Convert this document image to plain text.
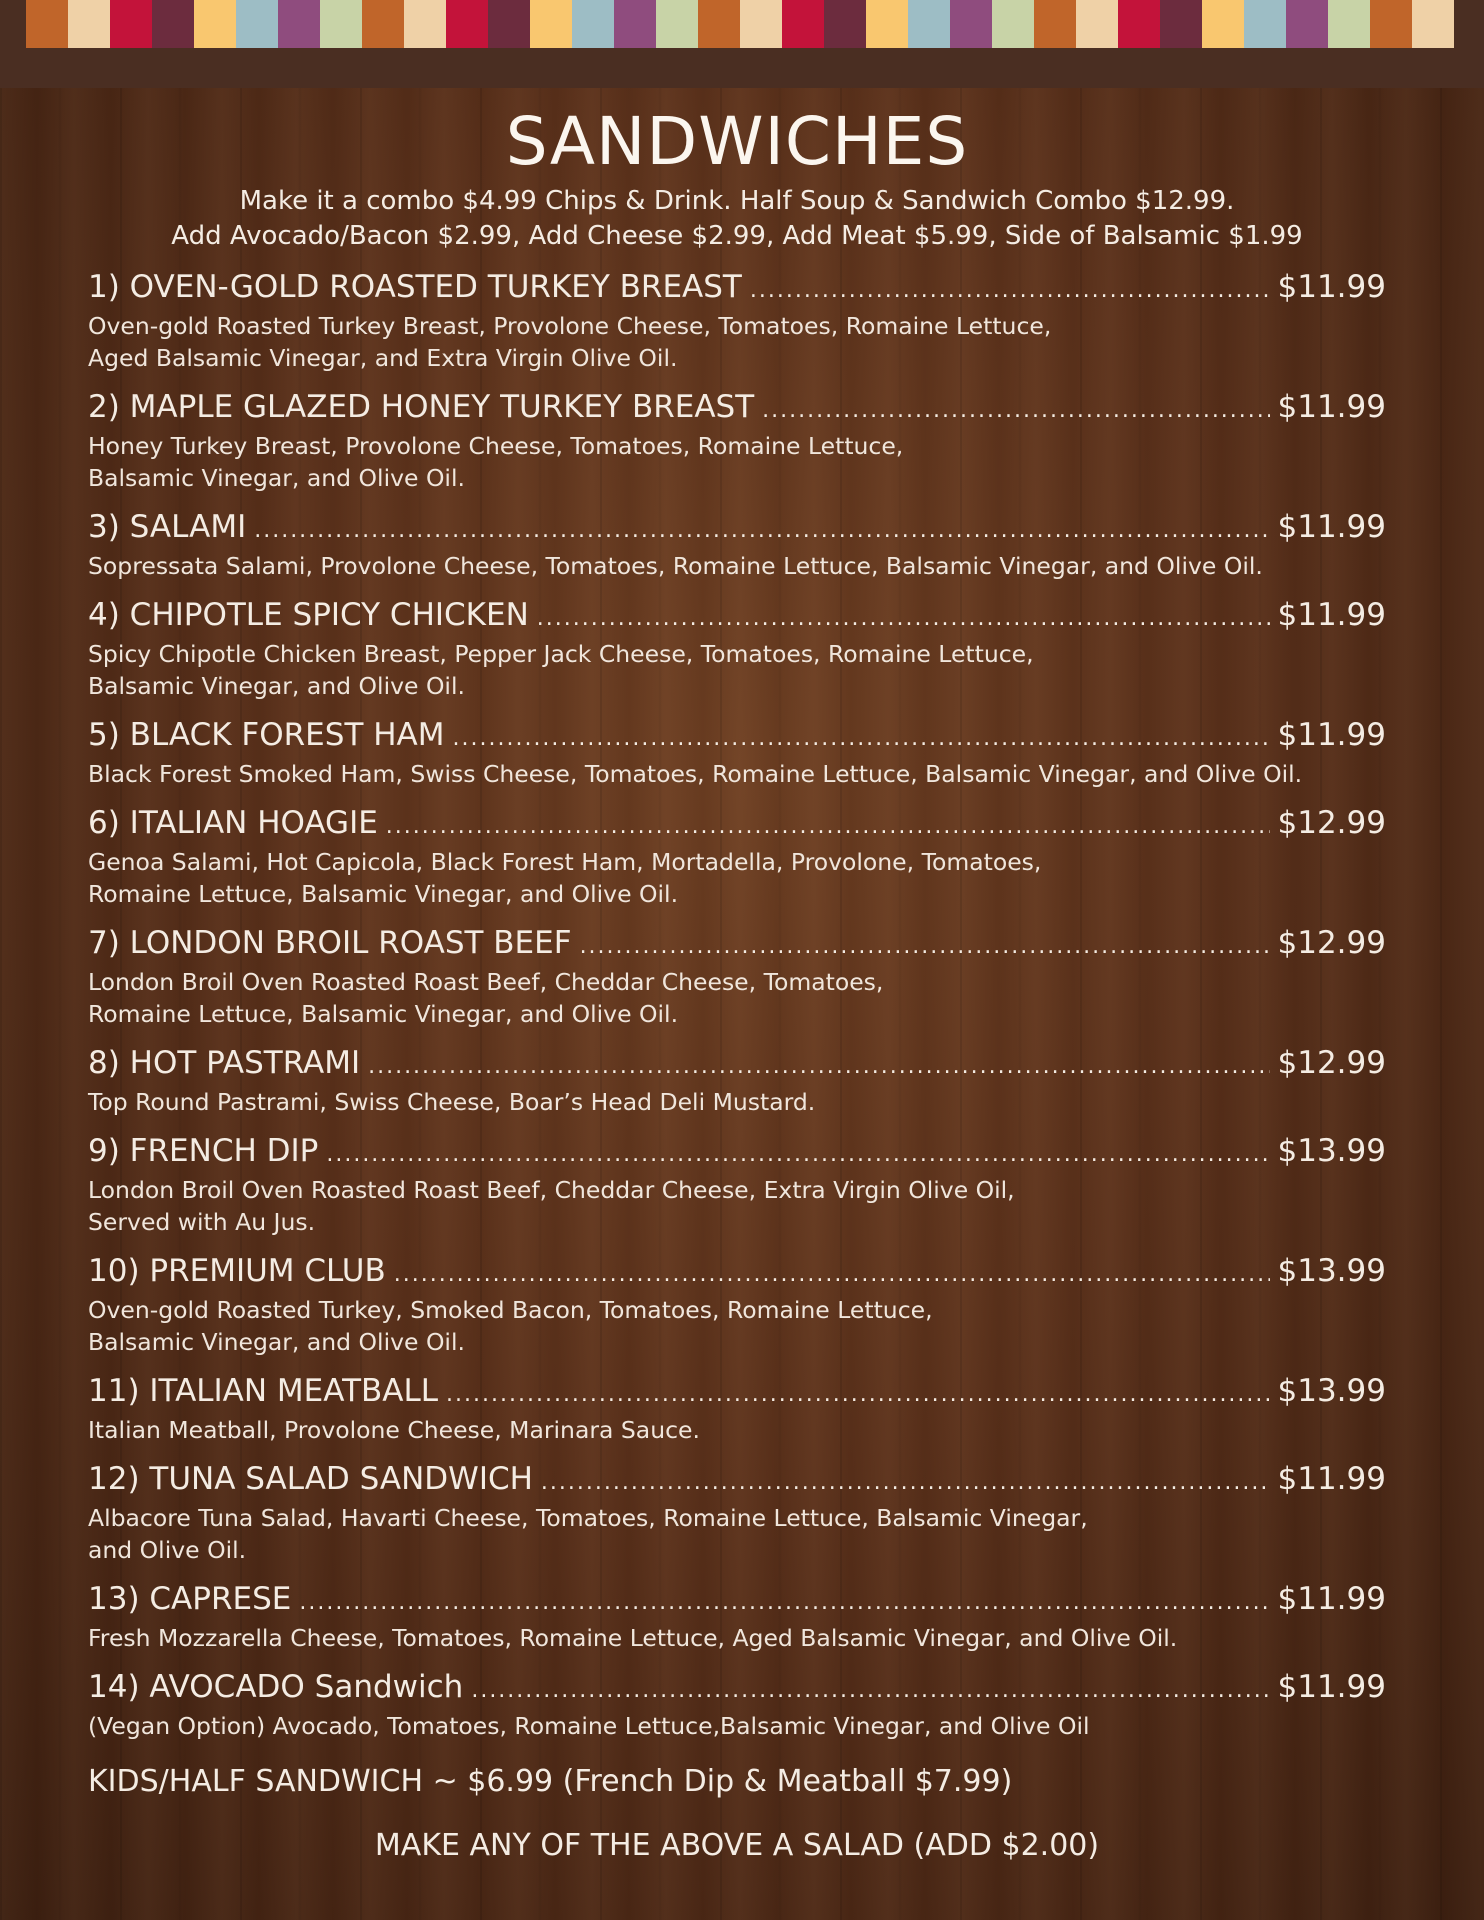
SANDWICHES

Make it a combo $4.99 Chips & Drink. Half Soup & Sandwich Combo $12.99.

Add Avocado/Bacon $2.99, Add Cheese $2.99, Add Meat $5.99, Side of Balsamic $1.99

1) OVEN-GOLD ROASTED TURKEY BREAST .....	$11.99
Oven-gold Roasted Turkey Breast, Provolone Cheese, Tomatoes, Romaine Lettuce,
Aged Balsamic Vinegar, and Extra Virgin Olive Oil.
2) MAPLE GLAZED HONEY TURKEY BREAST .....	$11.99
Honey Turkey Breast, Provolone Cheese, Tomatoes, Romaine Lettuce,
Balsamic Vinegar, and Olive Oil.
3) SALAMI .....	$11.99
Sopressata Salami, Provolone Cheese, Tomatoes, Romaine Lettuce, Balsamic Vinegar, and Olive Oil.
4) CHIPOTLE SPICY CHICKEN .....	$11.99
Spicy Chipotle Chicken Breast, Pepper Jack Cheese, Tomatoes, Romaine Lettuce,
Balsamic Vinegar, and Olive Oil.
5) BLACK FOREST HAM .....	$11.99
Black Forest Smoked Ham, Swiss Cheese, Tomatoes, Romaine Lettuce, Balsamic Vinegar, and Olive Oil.
6) ITALIAN HOAGIE .....	$12.99
Genoa Salami, Hot Capicola, Black Forest Ham, Mortadella, Provolone, Tomatoes,
Romaine Lettuce, Balsamic Vinegar, and Olive Oil.
7) LONDON BROIL ROAST BEEF .....	$12.99
London Broil Oven Roasted Roast Beef, Cheddar Cheese, Tomatoes,
Romaine Lettuce, Balsamic Vinegar, and Olive Oil.
8) HOT PASTRAMI .....	$12.99
Top Round Pastrami, Swiss Cheese, Boar’s Head Deli Mustard.
9) FRENCH DIP .....	$13.99
London Broil Oven Roasted Roast Beef, Cheddar Cheese, Extra Virgin Olive Oil,
Served with Au Jus.
10) PREMIUM CLUB .....	$13.99
Oven-gold Roasted Turkey, Smoked Bacon, Tomatoes, Romaine Lettuce,
Balsamic Vinegar, and Olive Oil.
11) ITALIAN MEATBALL .....	$13.99
Italian Meatball, Provolone Cheese, Marinara Sauce.
12) TUNA SALAD SANDWICH .....	$11.99
Albacore Tuna Salad, Havarti Cheese, Tomatoes, Romaine Lettuce, Balsamic Vinegar,
and Olive Oil.
13) CAPRESE .....	$11.99
Fresh Mozzarella Cheese, Tomatoes, Romaine Lettuce, Aged Balsamic Vinegar, and Olive Oil.
14) AVOCADO Sandwich .....	$11.99
(Vegan Option) Avocado, Tomatoes, Romaine Lettuce,Balsamic Vinegar, and Olive Oil
KIDS/HALF SANDWICH ~ $6.99 (French Dip & Meatball $7.99)
MAKE ANY OF THE ABOVE A SALAD (ADD $2.00)
